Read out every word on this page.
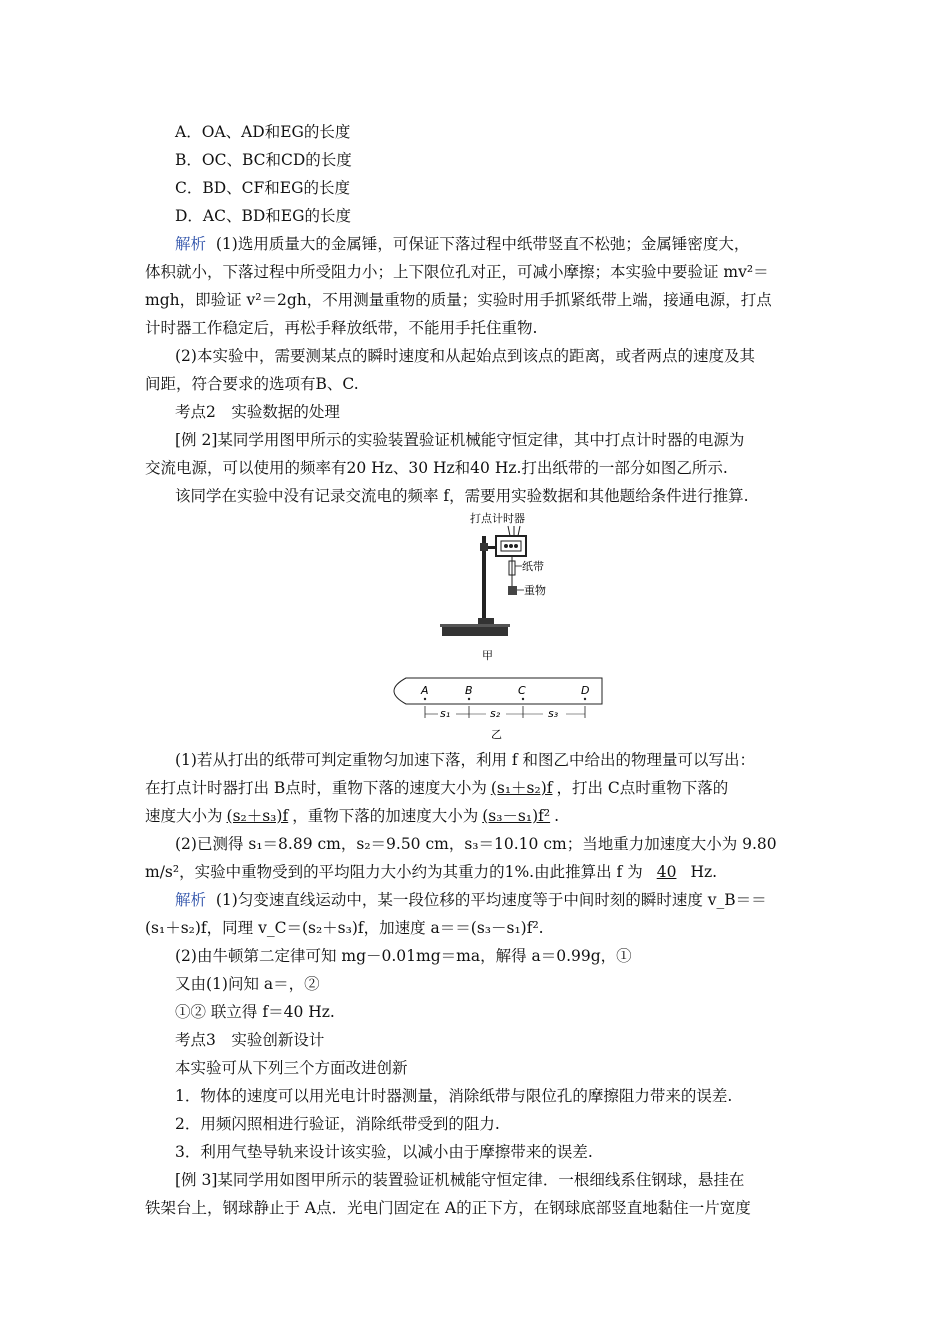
A．OA、AD和EG的长度
B．OC、BC和CD的长度
C．BD、CF和EG的长度
D．AC、BD和EG的长度
解析 (1)选用质量大的金属锤，可保证下落过程中纸带竖直不松弛；金属锤密度大，
体积就小，下落过程中所受阻力小；上下限位孔对正，可减小摩擦；本实验中要验证 mv²＝
mgh，即验证 v²＝2gh，不用测量重物的质量；实验时用手抓紧纸带上端，接通电源，打点
计时器工作稳定后，再松手释放纸带，不能用手托住重物.
(2)本实验中，需要测某点的瞬时速度和从起始点到该点的距离，或者两点的速度及其
间距，符合要求的选项有B、C.
考点2　实验数据的处理
[例 2]某同学用图甲所示的实验装置验证机械能守恒定律，其中打点计时器的电源为
交流电源，可以使用的频率有20 Hz、30 Hz和40 Hz.打出纸带的一部分如图乙所示.
该同学在实验中没有记录交流电的频率 f，需要用实验数据和其他题给条件进行推算.
打点计时器
纸带
重物
甲
A	B	C	D
s₁	s₂	s₃
乙
(1)若从打出的纸带可判定重物匀加速下落，利用 f 和图乙中给出的物理量可以写出：
在打点计时器打出 B点时，重物下落的速度大小为 (s₁＋s₂)f ，打出 C点时重物下落的
速度大小为 (s₂＋s₃)f ，重物下落的加速度大小为 (s₃－s₁)f² .
(2)已测得 s₁＝8.89 cm，s₂＝9.50 cm，s₃＝10.10 cm；当地重力加速度大小为 9.80
m/s²，实验中重物受到的平均阻力大小约为其重力的1%.由此推算出 f 为 40 Hz.
解析 (1)匀变速直线运动中，某一段位移的平均速度等于中间时刻的瞬时速度 v_B＝＝
(s₁＋s₂)f，同理 v_C＝(s₂＋s₃)f，加速度 a＝＝(s₃－s₁)f².
(2)由牛顿第二定律可知 mg－0.01mg＝ma，解得 a＝0.99g，①
又由(1)问知 a＝，②
①② 联立得 f＝40 Hz.
考点3　实验创新设计
本实验可从下列三个方面改进创新
1．物体的速度可以用光电计时器测量，消除纸带与限位孔的摩擦阻力带来的误差.
2．用频闪照相进行验证，消除纸带受到的阻力.
3．利用气垫导轨来设计该实验，以减小由于摩擦带来的误差.
[例 3]某同学用如图甲所示的装置验证机械能守恒定律．一根细线系住钢球，悬挂在
铁架台上，钢球静止于 A点．光电门固定在 A的正下方，在钢球底部竖直地黏住一片宽度
